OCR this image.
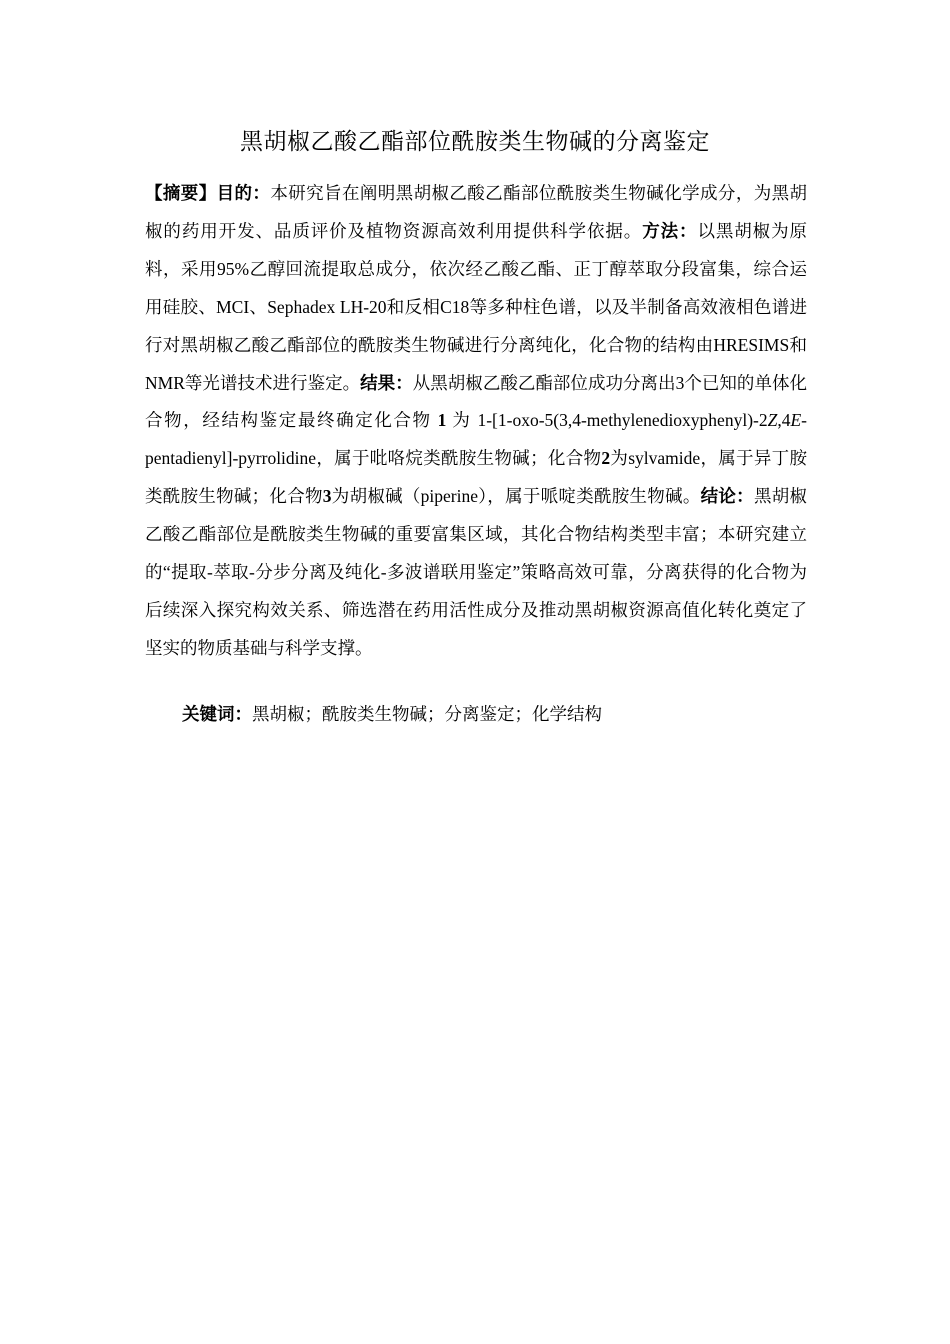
黑胡椒乙酸乙酯部位酰胺类生物碱的分离鉴定

【摘要】目的：本研究旨在阐明黑胡椒乙酸乙酯部位酰胺类生物碱化学成分，为黑胡椒的药用开发、品质评价及植物资源高效利用提供科学依据。方法：以黑胡椒为原料，采用95%乙醇回流提取总成分，依次经乙酸乙酯、正丁醇萃取分段富集，综合运用硅胶、MCI、Sephadex LH-20和反相C18等多种柱色谱，以及半制备高效液相色谱进行对黑胡椒乙酸乙酯部位的酰胺类生物碱进行分离纯化，化合物的结构由HRESIMS和NMR等光谱技术进行鉴定。结果：从黑胡椒乙酸乙酯部位成功分离出3个已知的单体化合物，经结构鉴定最终确定化合物 1 为 1-[1-oxo-5(3,4-methylenedioxyphenyl)-2Z,4E-pentadienyl]-pyrrolidine，属于吡咯烷类酰胺生物碱；化合物2为sylvamide，属于异丁胺类酰胺生物碱；化合物3为胡椒碱（piperine），属于哌啶类酰胺生物碱。结论：黑胡椒乙酸乙酯部位是酰胺类生物碱的重要富集区域，其化合物结构类型丰富；本研究建立的“提取-萃取-分步分离及纯化-多波谱联用鉴定”策略高效可靠，分离获得的化合物为后续深入探究构效关系、筛选潜在药用活性成分及推动黑胡椒资源高值化转化奠定了坚实的物质基础与科学支撑。

关键词：黑胡椒；酰胺类生物碱；分离鉴定；化学结构
